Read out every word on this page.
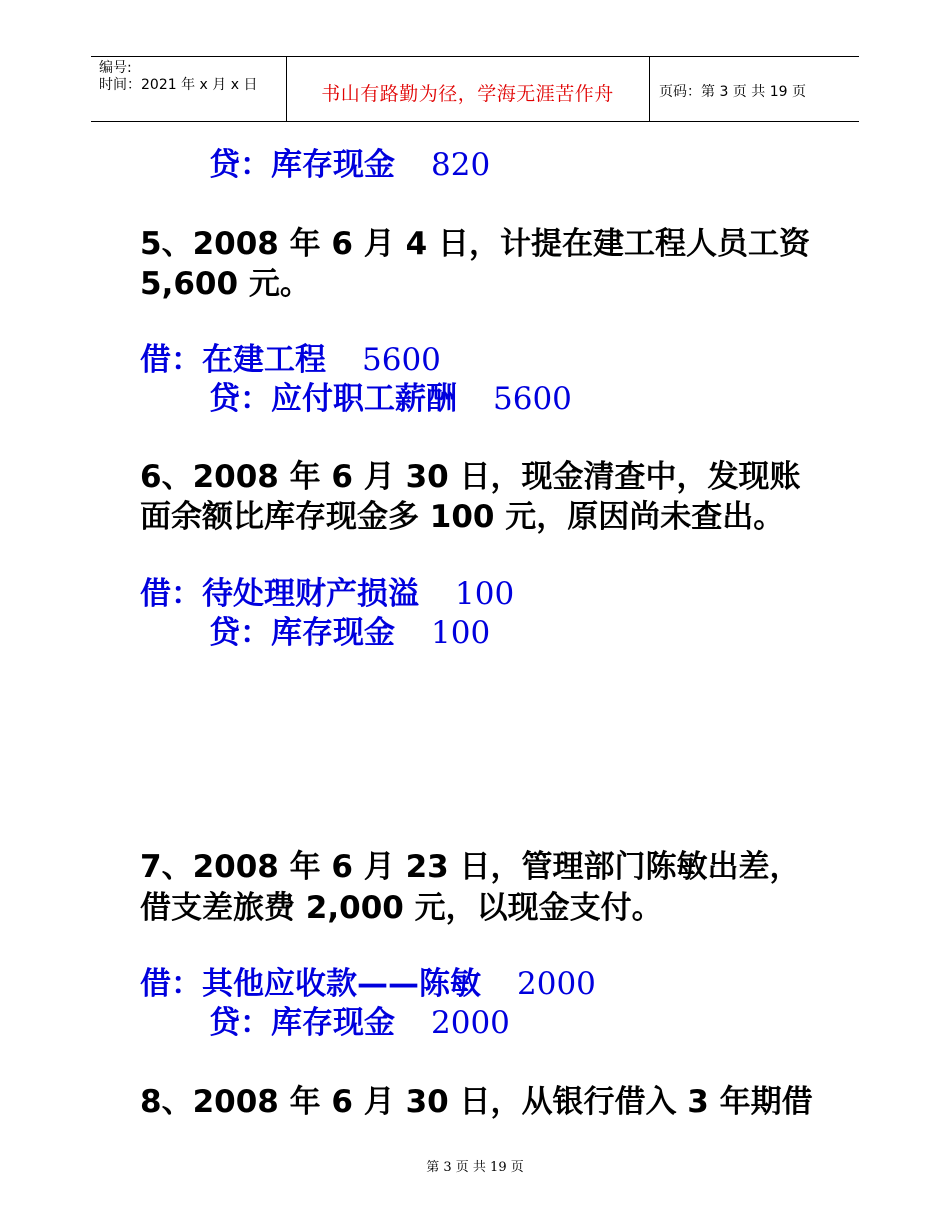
编号:
时间：2021 年 x 月 x 日	书山有路勤为径，学海无涯苦作舟	页码：第 3 页 共 19 页
贷：库存现金 820
5、2008 年 6 月 4 日，计提在建工程人员工资
5,600 元。
借：在建工程 5600
贷：应付职工薪酬 5600
6、2008 年 6 月 30 日，现金清查中，发现账
面余额比库存现金多 100 元，原因尚未查出。
借：待处理财产损溢 100
贷：库存现金 100
7、2008 年 6 月 23 日，管理部门陈敏出差，
借支差旅费 2,000 元，以现金支付。
借：其他应收款——陈敏 2000
贷：库存现金 2000
8、2008 年 6 月 30 日，从银行借入 3 年期借
第 3 页 共 19 页
